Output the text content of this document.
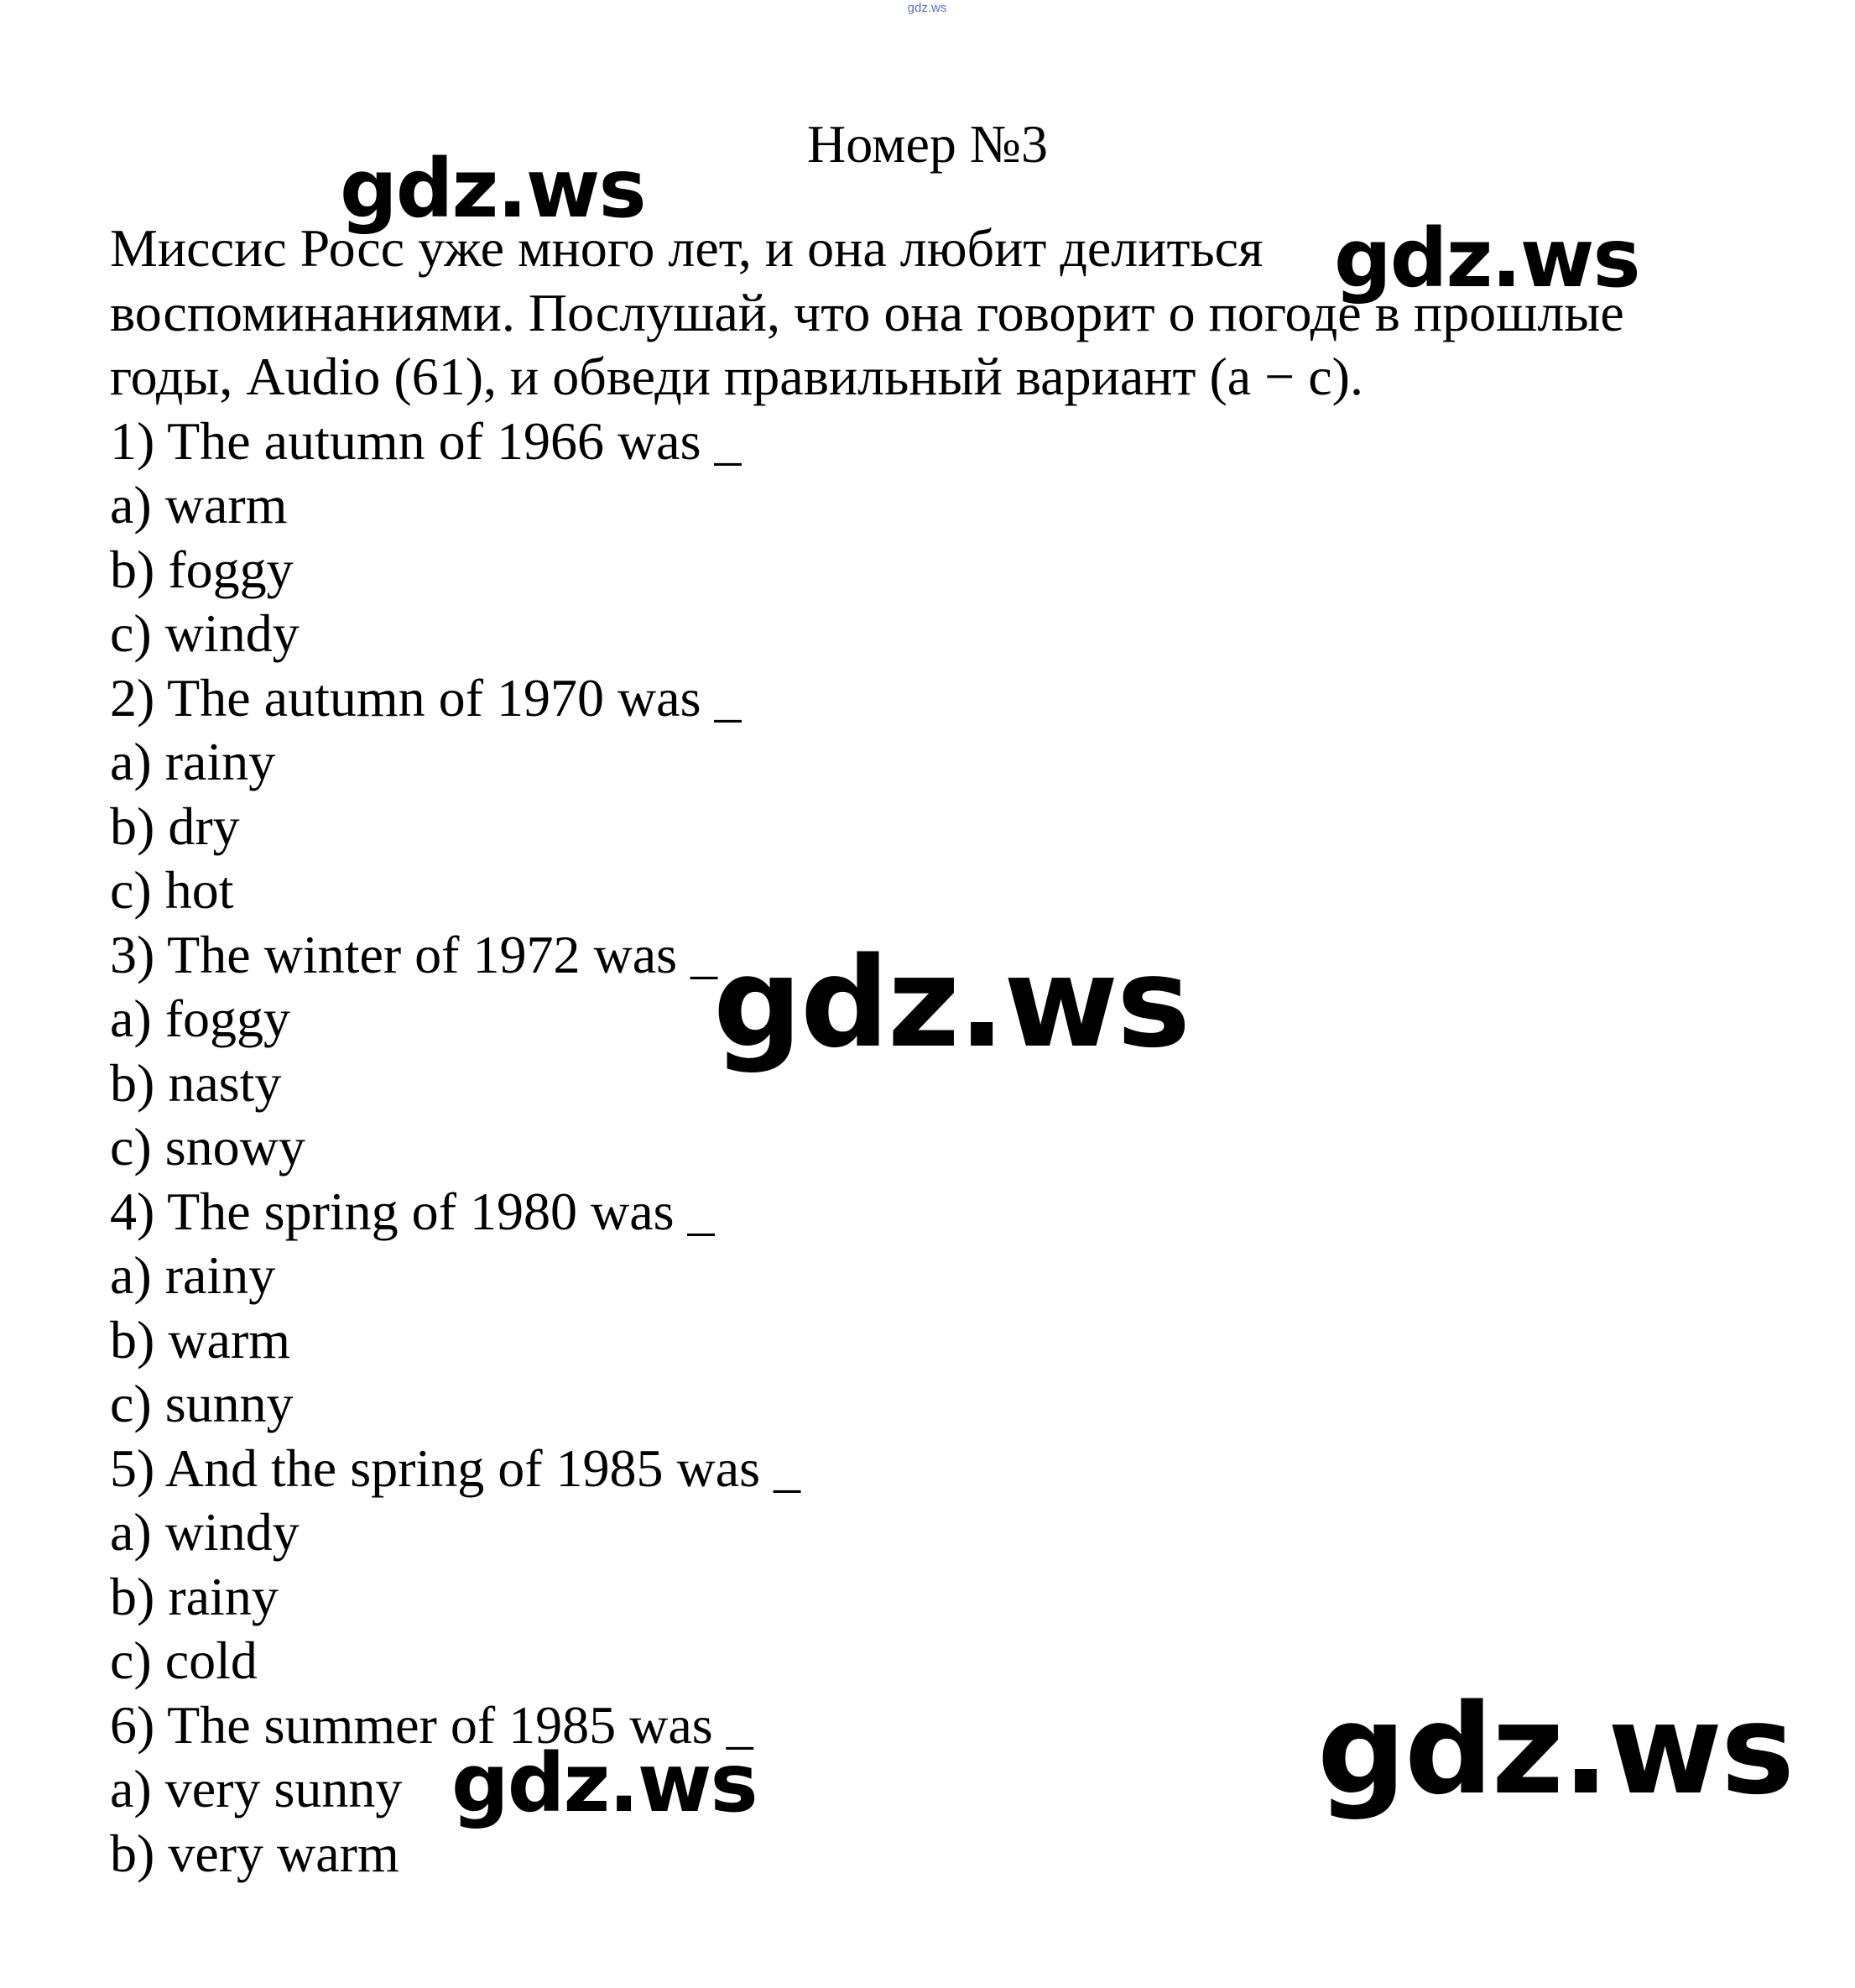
gdz.ws
Номер №3
Миссис Росс уже много лет, и она любит делиться
воспоминаниями. Послушай, что она говорит о погоде в прошлые
годы, Audio (61), и обведи правильный вариант (a − c).
1) The autumn of 1966 was _
a) warm
b) foggy
c) windy
2) The autumn of 1970 was _
a) rainy
b) dry
c) hot
3) The winter of 1972 was _
a) foggy
b) nasty
c) snowy
4) The spring of 1980 was _
a) rainy
b) warm
c) sunny
5) And the spring of 1985 was _
a) windy
b) rainy
c) cold
6) The summer of 1985 was _
a) very sunny
b) very warm
gdz.ws
gdz.ws
gdz.ws
gdz.ws
gdz.ws
